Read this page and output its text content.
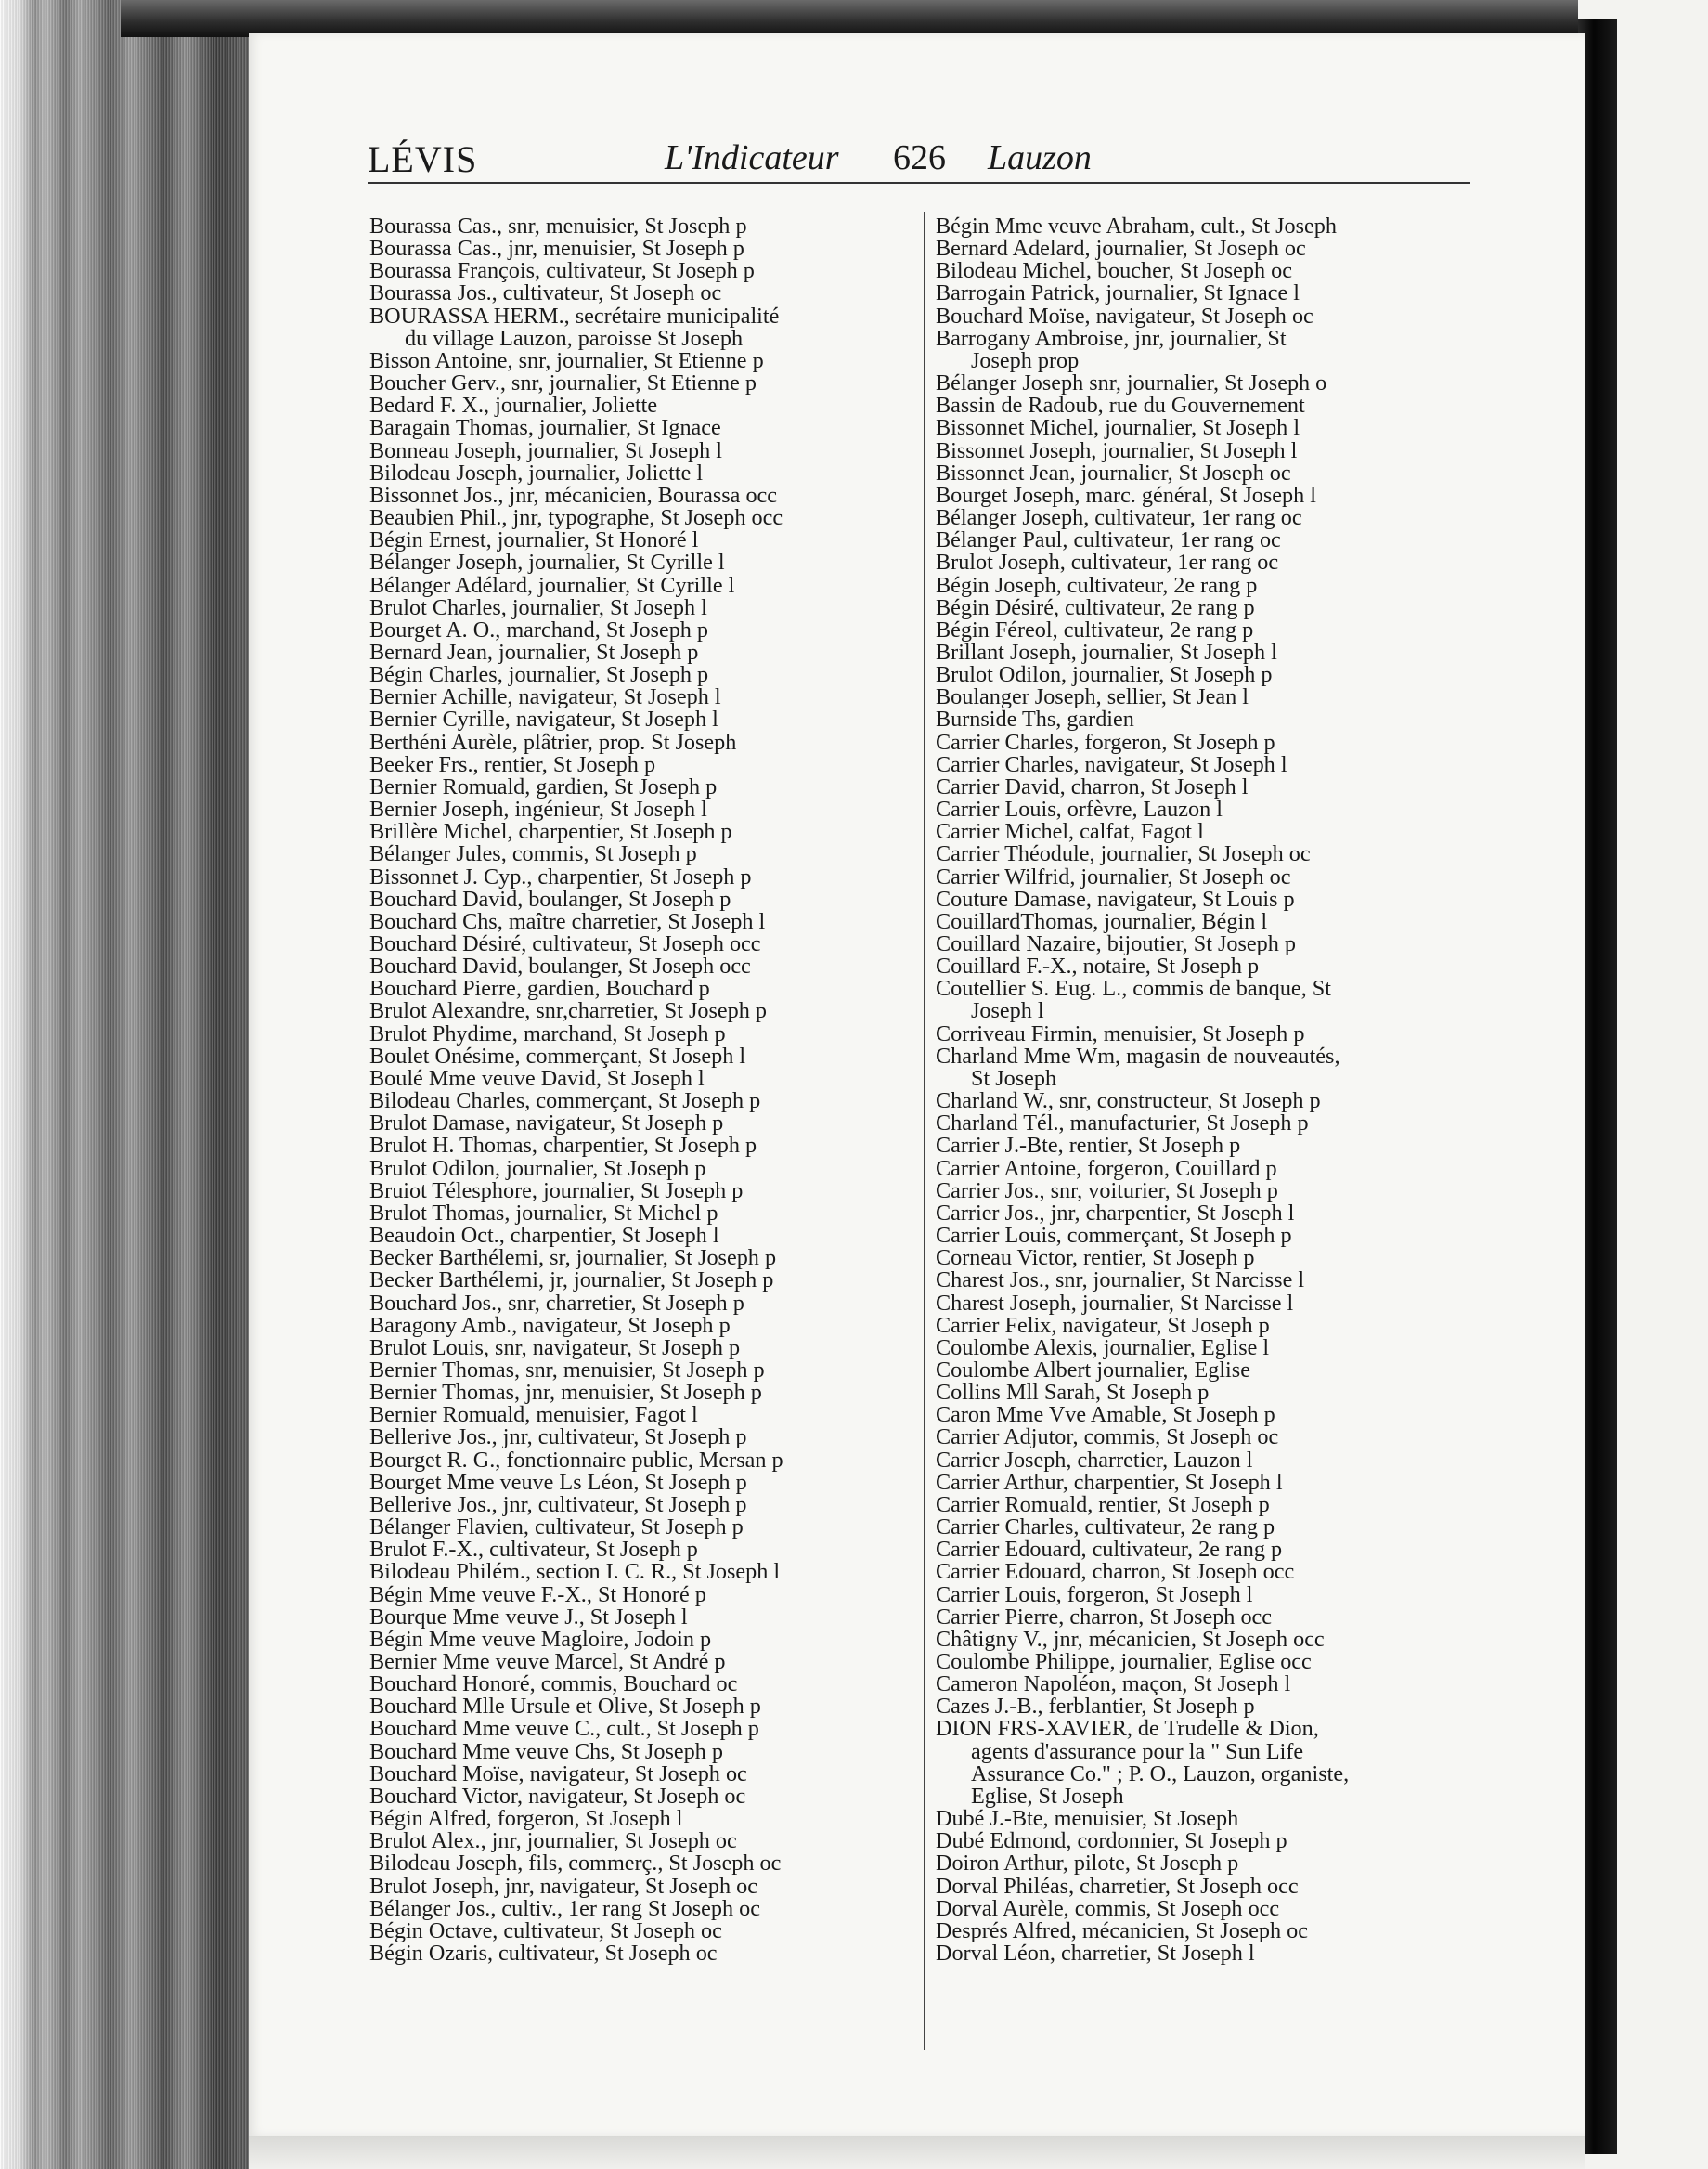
LÉVIS	L'Indicateur 626 Lauzon
Bourassa Cas., snr, menuisier, St Joseph p
Bourassa Cas., jnr, menuisier, St Joseph p
Bourassa François, cultivateur, St Joseph p
Bourassa Jos., cultivateur, St Joseph oc
BOURASSA HERM., secrétaire municipalité

du village Lauzon, paroisse St Joseph
Bisson Antoine, snr, journalier, St Etienne p
Boucher Gerv., snr, journalier, St Etienne p
Bedard F. X., journalier, Joliette
Baragain Thomas, journalier, St Ignace
Bonneau Joseph, journalier, St Joseph l
Bilodeau Joseph, journalier, Joliette l
Bissonnet Jos., jnr, mécanicien, Bourassa occ
Beaubien Phil., jnr, typographe, St Joseph occ
Bégin Ernest, journalier, St Honoré l
Bélanger Joseph, journalier, St Cyrille l
Bélanger Adélard, journalier, St Cyrille l
Brulot Charles, journalier, St Joseph l
Bourget A. O., marchand, St Joseph p
Bernard Jean, journalier, St Joseph p
Bégin Charles, journalier, St Joseph p
Bernier Achille, navigateur, St Joseph l
Bernier Cyrille, navigateur, St Joseph l
Berthéni Aurèle, plâtrier, prop. St Joseph
Beeker Frs., rentier, St Joseph p
Bernier Romuald, gardien, St Joseph p
Bernier Joseph, ingénieur, St Joseph l
Brillère Michel, charpentier, St Joseph p
Bélanger Jules, commis, St Joseph p
Bissonnet J. Cyp., charpentier, St Joseph p
Bouchard David, boulanger, St Joseph p
Bouchard Chs, maître charretier, St Joseph l
Bouchard Désiré, cultivateur, St Joseph occ
Bouchard David, boulanger, St Joseph occ
Bouchard Pierre, gardien, Bouchard p
Brulot Alexandre, snr,charretier, St Joseph p
Brulot Phydime, marchand, St Joseph p
Boulet Onésime, commerçant, St Joseph l
Boulé Mme veuve David, St Joseph l
Bilodeau Charles, commerçant, St Joseph p
Brulot Damase, navigateur, St Joseph p
Brulot H. Thomas, charpentier, St Joseph p
Brulot Odilon, journalier, St Joseph p
Bruiot Télesphore, journalier, St Joseph p
Brulot Thomas, journalier, St Michel p
Beaudoin Oct., charpentier, St Joseph l
Becker Barthélemi, sr, journalier, St Joseph p
Becker Barthélemi, jr, journalier, St Joseph p
Bouchard Jos., snr, charretier, St Joseph p
Baragony Amb., navigateur, St Joseph p
Brulot Louis, snr, navigateur, St Joseph p
Bernier Thomas, snr, menuisier, St Joseph p
Bernier Thomas, jnr, menuisier, St Joseph p
Bernier Romuald, menuisier, Fagot l
Bellerive Jos., jnr, cultivateur, St Joseph p
Bourget R. G., fonctionnaire public, Mersan p
Bourget Mme veuve Ls Léon, St Joseph p
Bellerive Jos., jnr, cultivateur, St Joseph p
Bélanger Flavien, cultivateur, St Joseph p
Brulot F.-X., cultivateur, St Joseph p
Bilodeau Philém., section I. C. R., St Joseph l
Bégin Mme veuve F.-X., St Honoré p
Bourque Mme veuve J., St Joseph l
Bégin Mme veuve Magloire, Jodoin p
Bernier Mme veuve Marcel, St André p
Bouchard Honoré, commis, Bouchard oc
Bouchard Mlle Ursule et Olive, St Joseph p
Bouchard Mme veuve C., cult., St Joseph p
Bouchard Mme veuve Chs, St Joseph p
Bouchard Moïse, navigateur, St Joseph oc
Bouchard Victor, navigateur, St Joseph oc
Bégin Alfred, forgeron, St Joseph l
Brulot Alex., jnr, journalier, St Joseph oc
Bilodeau Joseph, fils, commerç., St Joseph oc
Brulot Joseph, jnr, navigateur, St Joseph oc
Bélanger Jos., cultiv., 1er rang St Joseph oc
Bégin Octave, cultivateur, St Joseph oc
Bégin Ozaris, cultivateur, St Joseph oc
Bégin Mme veuve Abraham, cult., St Joseph
Bernard Adelard, journalier, St Joseph oc
Bilodeau Michel, boucher, St Joseph oc
Barrogain Patrick, journalier, St Ignace l
Bouchard Moïse, navigateur, St Joseph oc
Barrogany Ambroise, jnr, journalier, St

Joseph prop
Bélanger Joseph snr, journalier, St Joseph o
Bassin de Radoub, rue du Gouvernement
Bissonnet Michel, journalier, St Joseph l
Bissonnet Joseph, journalier, St Joseph l
Bissonnet Jean, journalier, St Joseph oc
Bourget Joseph, marc. général, St Joseph l
Bélanger Joseph, cultivateur, 1er rang oc
Bélanger Paul, cultivateur, 1er rang oc
Brulot Joseph, cultivateur, 1er rang oc
Bégin Joseph, cultivateur, 2e rang p
Bégin Désiré, cultivateur, 2e rang p
Bégin Féreol, cultivateur, 2e rang p
Brillant Joseph, journalier, St Joseph l
Brulot Odilon, journalier, St Joseph p
Boulanger Joseph, sellier, St Jean l
Burnside Ths, gardien
Carrier Charles, forgeron, St Joseph p
Carrier Charles, navigateur, St Joseph l
Carrier David, charron, St Joseph l
Carrier Louis, orfèvre, Lauzon l
Carrier Michel, calfat, Fagot l
Carrier Théodule, journalier, St Joseph oc
Carrier Wilfrid, journalier, St Joseph oc
Couture Damase, navigateur, St Louis p
CouillardThomas, journalier, Bégin l
Couillard Nazaire, bijoutier, St Joseph p
Couillard F.-X., notaire, St Joseph p
Coutellier S. Eug. L., commis de banque, St

Joseph l
Corriveau Firmin, menuisier, St Joseph p
Charland Mme Wm, magasin de nouveautés,

St Joseph
Charland W., snr, constructeur, St Joseph p
Charland Tél., manufacturier, St Joseph p
Carrier J.-Bte, rentier, St Joseph p
Carrier Antoine, forgeron, Couillard p
Carrier Jos., snr, voiturier, St Joseph p
Carrier Jos., jnr, charpentier, St Joseph l
Carrier Louis, commerçant, St Joseph p
Corneau Victor, rentier, St Joseph p
Charest Jos., snr, journalier, St Narcisse l
Charest Joseph, journalier, St Narcisse l
Carrier Felix, navigateur, St Joseph p
Coulombe Alexis, journalier, Eglise l
Coulombe Albert journalier, Eglise
Collins Mll Sarah, St Joseph p
Caron Mme Vve Amable, St Joseph p
Carrier Adjutor, commis, St Joseph oc
Carrier Joseph, charretier, Lauzon l
Carrier Arthur, charpentier, St Joseph l
Carrier Romuald, rentier, St Joseph p
Carrier Charles, cultivateur, 2e rang p
Carrier Edouard, cultivateur, 2e rang p
Carrier Edouard, charron, St Joseph occ
Carrier Louis, forgeron, St Joseph l
Carrier Pierre, charron, St Joseph occ
Châtigny V., jnr, mécanicien, St Joseph occ
Coulombe Philippe, journalier, Eglise occ
Cameron Napoléon, maçon, St Joseph l
Cazes J.-B., ferblantier, St Joseph p
DION FRS-XAVIER, de Trudelle & Dion,

agents d'assurance pour la " Sun Life
Assurance Co." ; P. O., Lauzon, organiste,
Eglise, St Joseph
Dubé J.-Bte, menuisier, St Joseph
Dubé Edmond, cordonnier, St Joseph p
Doiron Arthur, pilote, St Joseph p
Dorval Philéas, charretier, St Joseph occ
Dorval Aurèle, commis, St Joseph occ
Després Alfred, mécanicien, St Joseph oc
Dorval Léon, charretier, St Joseph l
